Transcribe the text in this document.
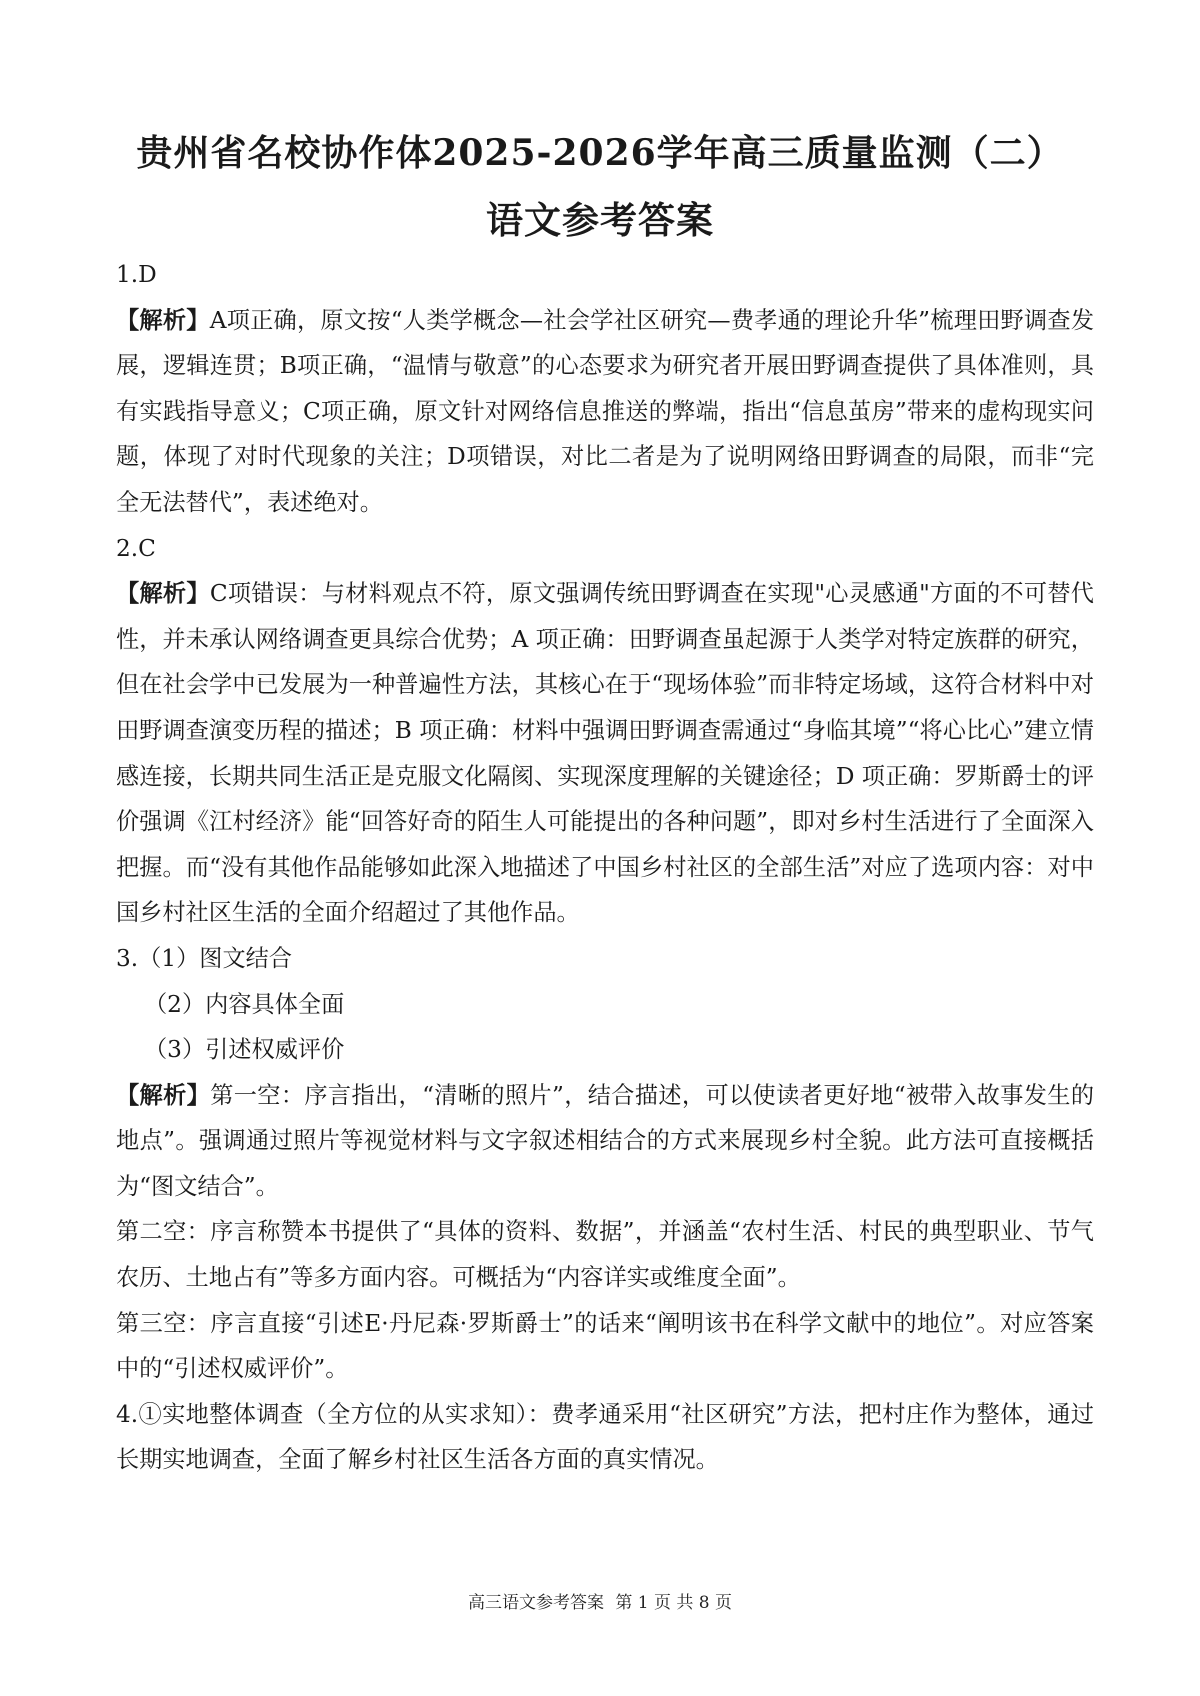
贵州省名校协作体2025-2026学年高三质量监测（二）
语文参考答案

1.D

【解析】A项正确，原文按“人类学概念—社会学社区研究—费孝通的理论升华”梳理田野调查发展，逻辑连贯；B项正确，“温情与敬意”的心态要求为研究者开展田野调查提供了具体准则，具有实践指导意义；C项正确，原文针对网络信息推送的弊端，指出“信息茧房”带来的虚构现实问题，体现了对时代现象的关注；D项错误，对比二者是为了说明网络田野调查的局限，而非“完全无法替代”，表述绝对。

2.C

【解析】C项错误：与材料观点不符，原文强调传统田野调查在实现"心灵感通"方面的不可替代性，并未承认网络调查更具综合优势；A 项正确：田野调查虽起源于人类学对特定族群的研究，但在社会学中已发展为一种普遍性方法，其核心在于“现场体验”而非特定场域，这符合材料中对田野调查演变历程的描述；B 项正确：材料中强调田野调查需通过“身临其境”“将心比心”建立情感连接，长期共同生活正是克服文化隔阂、实现深度理解的关键途径；D 项正确：罗斯爵士的评价强调《江村经济》能“回答好奇的陌生人可能提出的各种问题”，即对乡村生活进行了全面深入把握。而“没有其他作品能够如此深入地描述了中国乡村社区的全部生活”对应了选项内容：对中国乡村社区生活的全面介绍超过了其他作品。

3.（1）图文结合

（2）内容具体全面

（3）引述权威评价

【解析】第一空：序言指出，“清晰的照片”，结合描述，可以使读者更好地“被带入故事发生的地点”。强调通过照片等视觉材料与文字叙述相结合的方式来展现乡村全貌。此方法可直接概括为“图文结合”。

第二空：序言称赞本书提供了“具体的资料、数据”，并涵盖“农村生活、村民的典型职业、节气农历、土地占有”等多方面内容。可概括为“内容详实或维度全面”。

第三空：序言直接“引述E·丹尼森·罗斯爵士”的话来“阐明该书在科学文献中的地位”。对应答案中的“引述权威评价”。

4.①实地整体调查（全方位的从实求知）：费孝通采用“社区研究”方法，把村庄作为整体，通过长期实地调查，全面了解乡村社区生活各方面的真实情况。

高三语文参考答案 第 1 页 共 8 页
